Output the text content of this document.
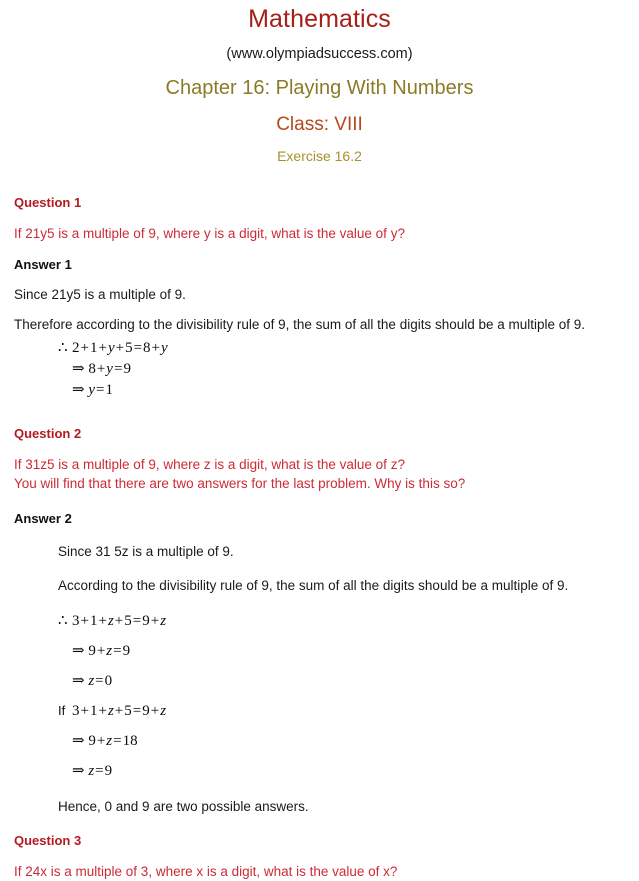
Mathematics
(www.olympiadsuccess.com)
Chapter 16: Playing With Numbers
Class: VIII
Exercise 16.2
Question 1
If 21y5 is a multiple of 9, where y is a digit, what is the value of y?
Answer 1
Since 21y5 is a multiple of 9.
Therefore according to the divisibility rule of 9, the sum of all the digits should be a multiple of 9.
∴ 2+1+y+5=8+y
⇒ 8+y=9
⇒ y=1
Question 2
If 31z5 is a multiple of 9, where z is a digit, what is the value of z?
You will find that there are two answers for the last problem. Why is this so?
Answer 2
Since 31 5z is a multiple of 9.
According to the divisibility rule of 9, the sum of all the digits should be a multiple of 9.
∴ 3+1+z+5=9+z
⇒ 9+z=9
⇒ z=0
If 3+1+z+5=9+z
⇒ 9+z=18
⇒ z=9
Hence, 0 and 9 are two possible answers.
Question 3
If 24x is a multiple of 3, where x is a digit, what is the value of x?
